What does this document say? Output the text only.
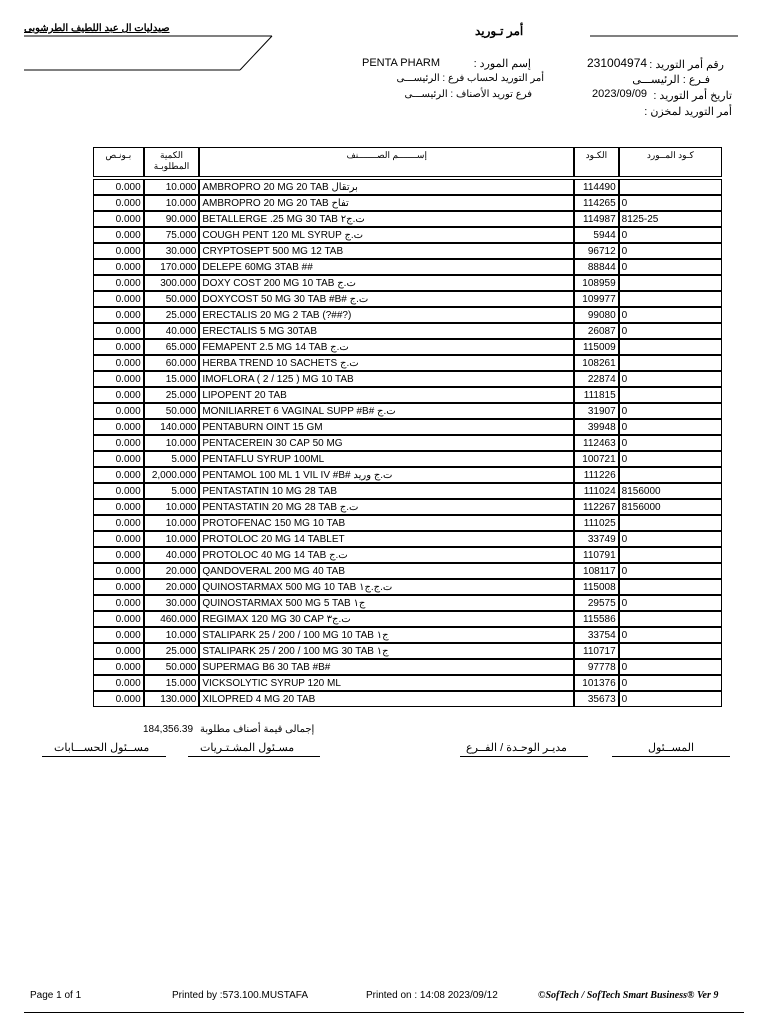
صيدليات ال عبد اللطيف الطرشوبى	أمر تـوريد
رقم أمر التوريد :
231004974
فـرع : الرئيســـى
تاريخ أمر التوريد :
2023/09/09
أمر التوريد لمخزن :
إسم المورد :
PENTA PHARM
أمر التوريد لحساب فرع : الرئيســـى
فرع توريد الأصناف : الرئيســـى
بـونـص	الكمية المطلوبـة	إســـــــم الصـــــــنف	الكـود	كـود المــورد
0.000	10.000	AMBROPRO 20 MG 20 TAB برتقال	114490	
0.000	10.000	AMBROPRO 20 MG 20 TAB تفاح	114265	0
0.000	90.000	BETALLERGE .25 MG 30 TAB ت.ج٢	114987	8125-25
0.000	75.000	COUGH PENT 120 ML SYRUP ت.ج	5944	0
0.000	30.000	CRYPTOSEPT 500 MG 12 TAB	96712	0
0.000	170.000	DELEPE 60MG 3TAB ##	88844	0
0.000	300.000	DOXY COST 200 MG 10 TAB ت.ج	108959	
0.000	50.000	DOXYCOST 50 MG 30 TAB #B# ت.ج	109977	
0.000	25.000	ERECTALIS 20 MG 2 TAB (?##?)	99080	0
0.000	40.000	ERECTALIS 5 MG 30TAB	26087	0
0.000	65.000	FEMAPENT 2.5 MG 14 TAB ت.ج	115009	
0.000	60.000	HERBA TREND 10 SACHETS ت.ج	108261	
0.000	15.000	IMOFLORA ( 2 / 125 ) MG 10 TAB	22874	0
0.000	25.000	LIPOPENT 20 TAB	111815	
0.000	50.000	MONILIARRET 6 VAGINAL SUPP #B# ت.ج	31907	0
0.000	140.000	PENTABURN OINT 15 GM	39948	0
0.000	10.000	PENTACEREIN 30 CAP 50 MG	112463	0
0.000	5.000	PENTAFLU SYRUP 100ML	100721	0
0.000	2,000.000	PENTAMOL 100 ML 1 VIL IV #B# ت.ج وريد	111226	
0.000	5.000	PENTASTATIN 10 MG 28 TAB	111024	8156000
0.000	10.000	PENTASTATIN 20 MG 28 TAB ت.ج	112267	8156000
0.000	10.000	PROTOFENAC 150 MG 10 TAB	111025	
0.000	10.000	PROTOLOC 20 MG 14 TABLET	33749	0
0.000	40.000	PROTOLOC 40 MG 14 TAB ت.ج	110791	
0.000	20.000	QANDOVERAL 200 MG 40 TAB	108117	0
0.000	20.000	QUINOSTARMAX 500 MG 10 TAB ت.ج.ج١	115008	
0.000	30.000	QUINOSTARMAX 500 MG 5 TAB ج١	29575	0
0.000	460.000	REGIMAX 120 MG 30 CAP ت.ج٣	115586	
0.000	10.000	STALIPARK 25 / 200 / 100 MG 10 TAB ج١	33754	0
0.000	25.000	STALIPARK 25 / 200 / 100 MG 30 TAB ج١	110717	
0.000	50.000	SUPERMAG B6 30 TAB #B#	97778	0
0.000	15.000	VICKSOLYTIC SYRUP 120 ML	101376	0
0.000	130.000	XILOPRED 4 MG 20 TAB	35673	0
إجمالى قيمة أصناف مطلوبة
184,356.39
المســئول
مديـر الوحـدة / الفــرع
مسـئول المشـتـريات
مســئول الحســـابات
Page 1 of 1	Printed by :573.100.MUSTAFA	Printed on : 14:08 2023/09/12	©SofTech / SofTech Smart Business® Ver 9
